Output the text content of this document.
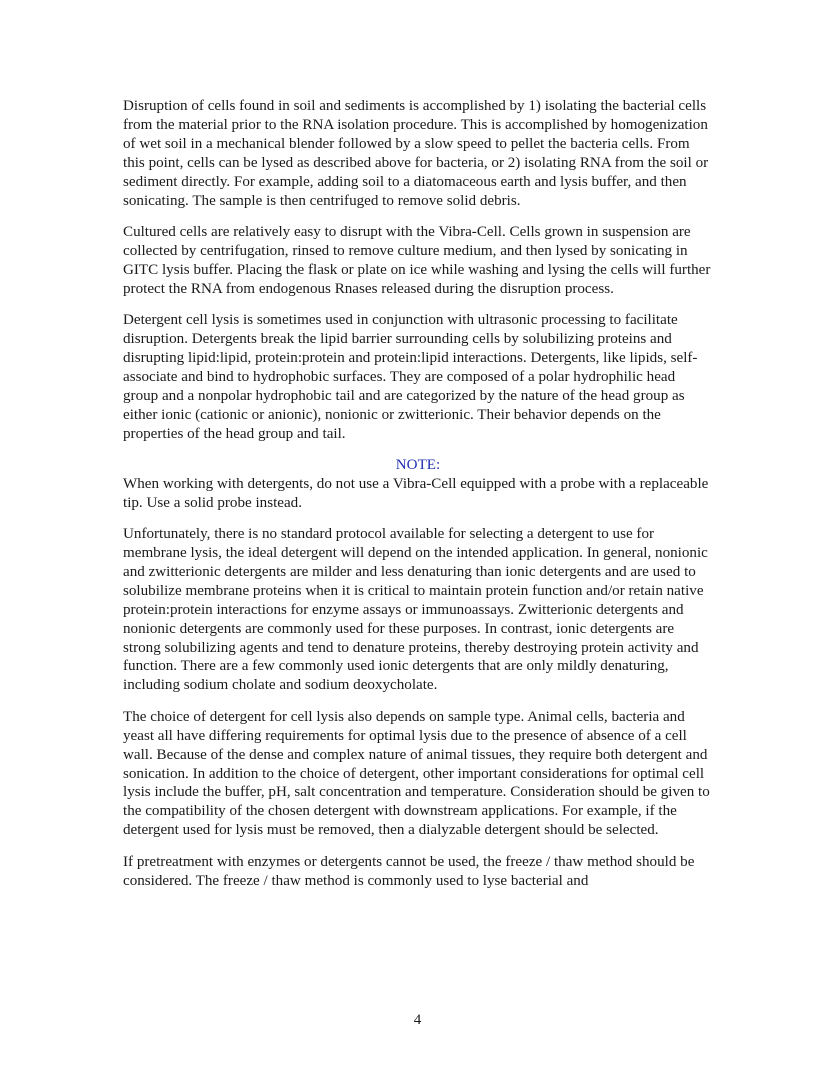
Disruption of cells found in soil and sediments is accomplished by 1) isolating the bacterial cells from the material prior to the RNA isolation procedure. This is accomplished by homogenization of wet soil in a mechanical blender followed by a slow speed to pellet the bacteria cells. From this point, cells can be lysed as described above for bacteria, or 2) isolating RNA from the soil or sediment directly. For example, adding soil to a diatomaceous earth and lysis buffer, and then sonicating. The sample is then centrifuged to remove solid debris.

Cultured cells are relatively easy to disrupt with the Vibra-Cell. Cells grown in suspension are collected by centrifugation, rinsed to remove culture medium, and then lysed by sonicating in GITC lysis buffer. Placing the flask or plate on ice while washing and lysing the cells will further protect the RNA from endogenous Rnases released during the disruption process.

Detergent cell lysis is sometimes used in conjunction with ultrasonic processing to facilitate disruption. Detergents break the lipid barrier surrounding cells by solubilizing proteins and disrupting lipid:lipid, protein:protein and protein:lipid interactions. Detergents, like lipids, self-associate and bind to hydrophobic surfaces. They are composed of a polar hydrophilic head group and a nonpolar hydrophobic tail and are categorized by the nature of the head group as either ionic (cationic or anionic), nonionic or zwitterionic. Their behavior depends on the properties of the head group and tail.

NOTE:

When working with detergents, do not use a Vibra-Cell equipped with a probe with a replaceable tip. Use a solid probe instead.

Unfortunately, there is no standard protocol available for selecting a detergent to use for membrane lysis, the ideal detergent will depend on the intended application. In general, nonionic and zwitterionic detergents are milder and less denaturing than ionic detergents and are used to solubilize membrane proteins when it is critical to maintain protein function and/or retain native protein:protein interactions for enzyme assays or immunoassays. Zwitterionic detergents and nonionic detergents are commonly used for these purposes. In contrast, ionic detergents are strong solubilizing agents and tend to denature proteins, thereby destroying protein activity and function. There are a few commonly used ionic detergents that are only mildly denaturing, including sodium cholate and sodium deoxycholate.

The choice of detergent for cell lysis also depends on sample type. Animal cells, bacteria and yeast all have differing requirements for optimal lysis due to the presence of absence of a cell wall. Because of the dense and complex nature of animal tissues, they require both detergent and sonication. In addition to the choice of detergent, other important considerations for optimal cell lysis include the buffer, pH, salt concentration and temperature. Consideration should be given to the compatibility of the chosen detergent with downstream applications. For example, if the detergent used for lysis must be removed, then a dialyzable detergent should be selected.

If pretreatment with enzymes or detergents cannot be used, the freeze / thaw method should be considered. The freeze / thaw method is commonly used to lyse bacterial and

4
